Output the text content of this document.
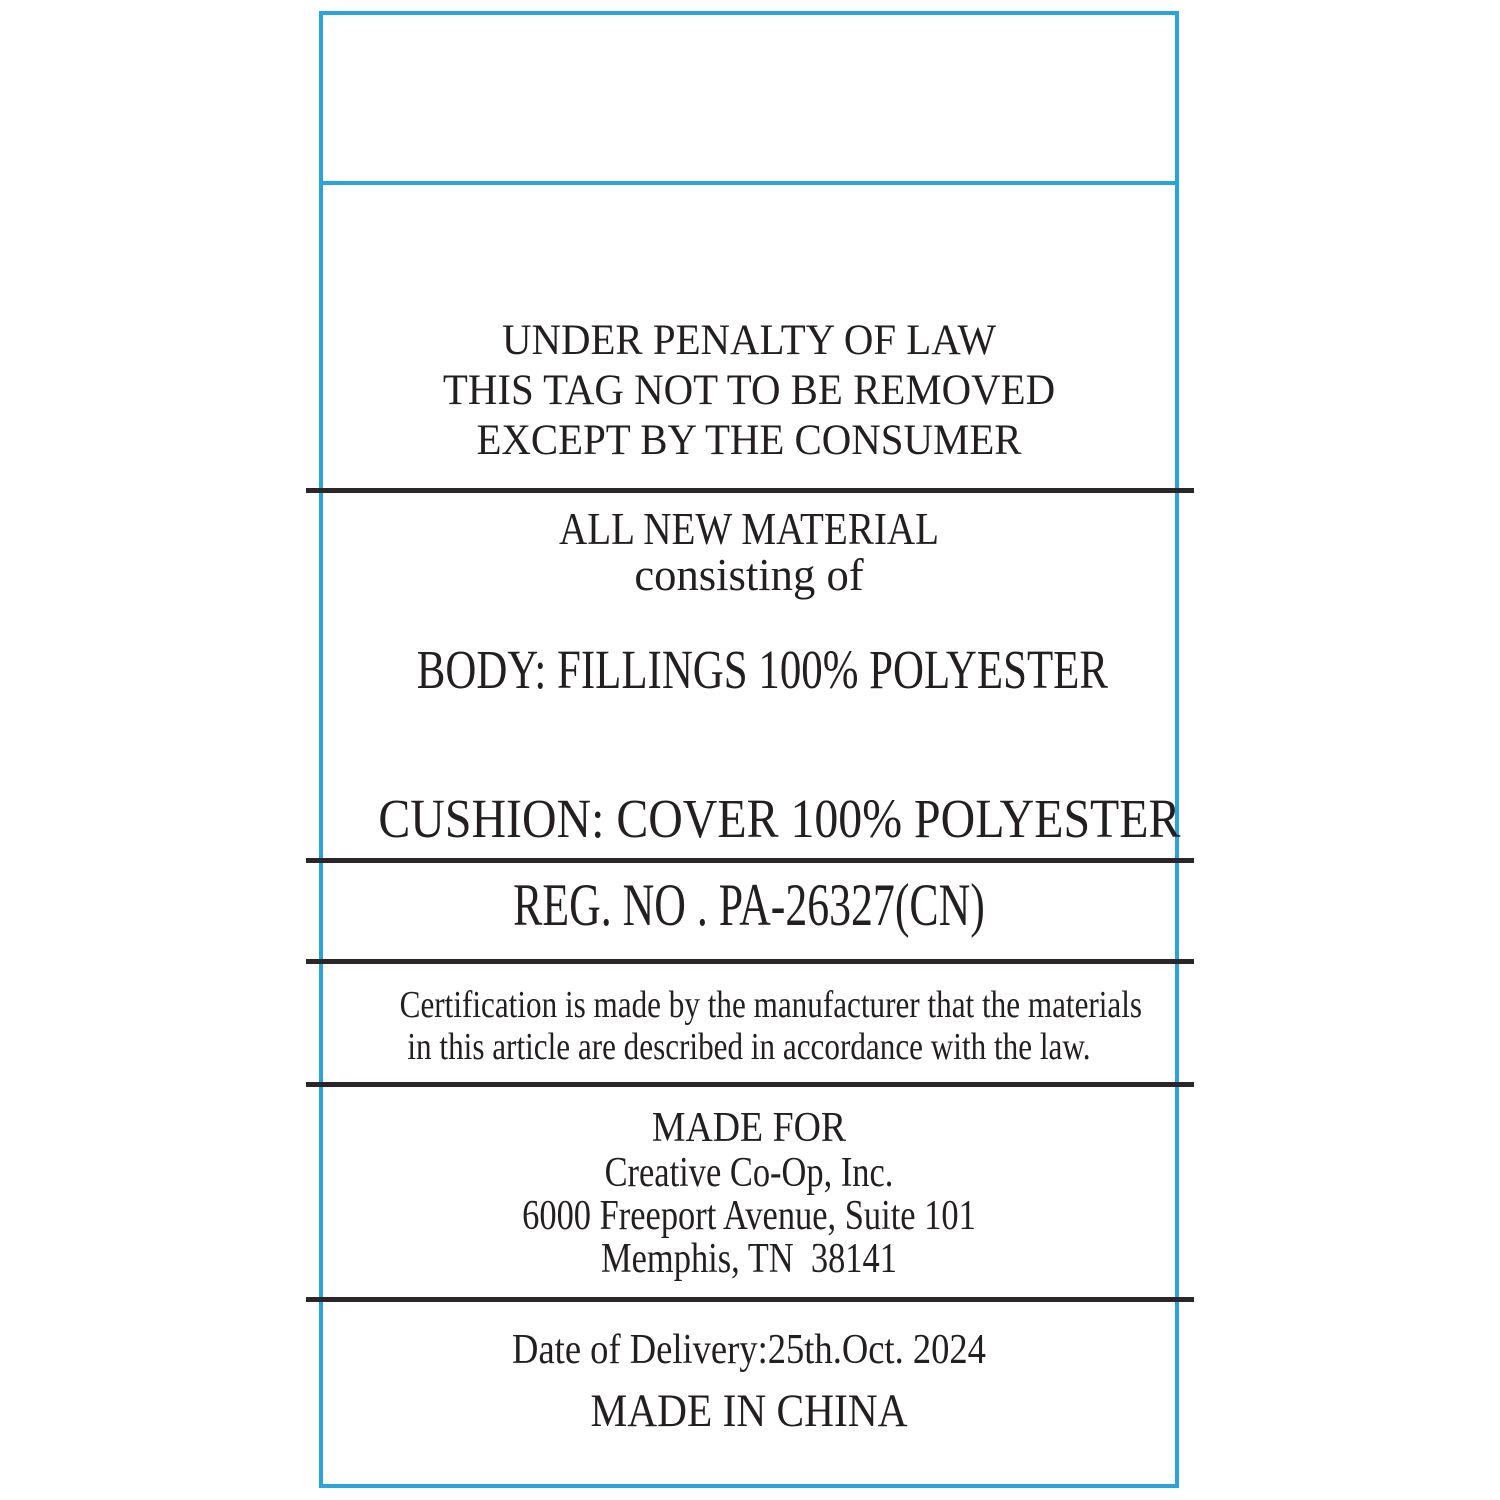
UNDER PENALTY OF LAW
THIS TAG NOT TO BE REMOVED
EXCEPT BY THE CONSUMER
ALL NEW MATERIAL
consisting of
BODY: FILLINGS 100% POLYESTER
CUSHION: COVER 100% POLYESTER
REG. NO . PA-26327(CN)
Certification is made by the manufacturer that the materials
in this article are described in accordance with the law.
MADE FOR
Creative Co-Op, Inc.
6000 Freeport Avenue, Suite 101
Memphis, TN  38141
Date of Delivery:25th.Oct. 2024
MADE IN CHINA
